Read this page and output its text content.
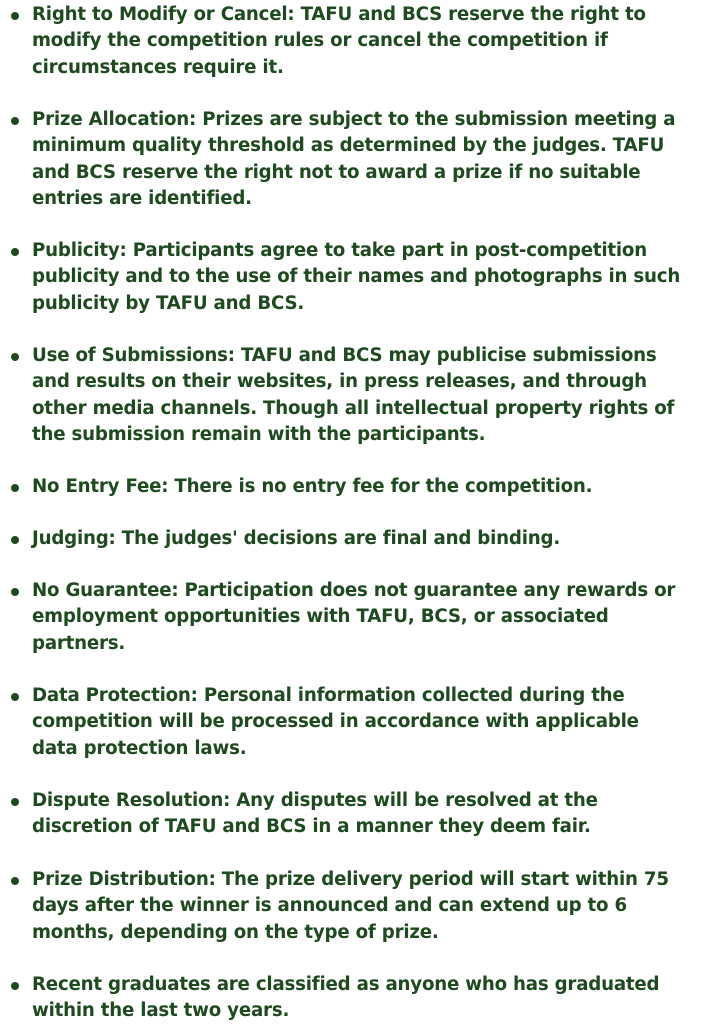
Right to Modify or Cancel: TAFU and BCS reserve the right to
modify the competition rules or cancel the competition if
circumstances require it.

Prize Allocation: Prizes are subject to the submission meeting a
minimum quality threshold as determined by the judges. TAFU
and BCS reserve the right not to award a prize if no suitable
entries are identified.

Publicity: Participants agree to take part in post-competition
publicity and to the use of their names and photographs in such
publicity by TAFU and BCS.

Use of Submissions: TAFU and BCS may publicise submissions
and results on their websites, in press releases, and through
other media channels. Though all intellectual property rights of
the submission remain with the participants.

No Entry Fee: There is no entry fee for the competition.

Judging: The judges' decisions are final and binding.

No Guarantee: Participation does not guarantee any rewards or
employment opportunities with TAFU, BCS, or associated
partners.

Data Protection: Personal information collected during the
competition will be processed in accordance with applicable
data protection laws.

Dispute Resolution: Any disputes will be resolved at the
discretion of TAFU and BCS in a manner they deem fair.

Prize Distribution: The prize delivery period will start within 75
days after the winner is announced and can extend up to 6
months, depending on the type of prize.

Recent graduates are classified as anyone who has graduated
within the last two years.
